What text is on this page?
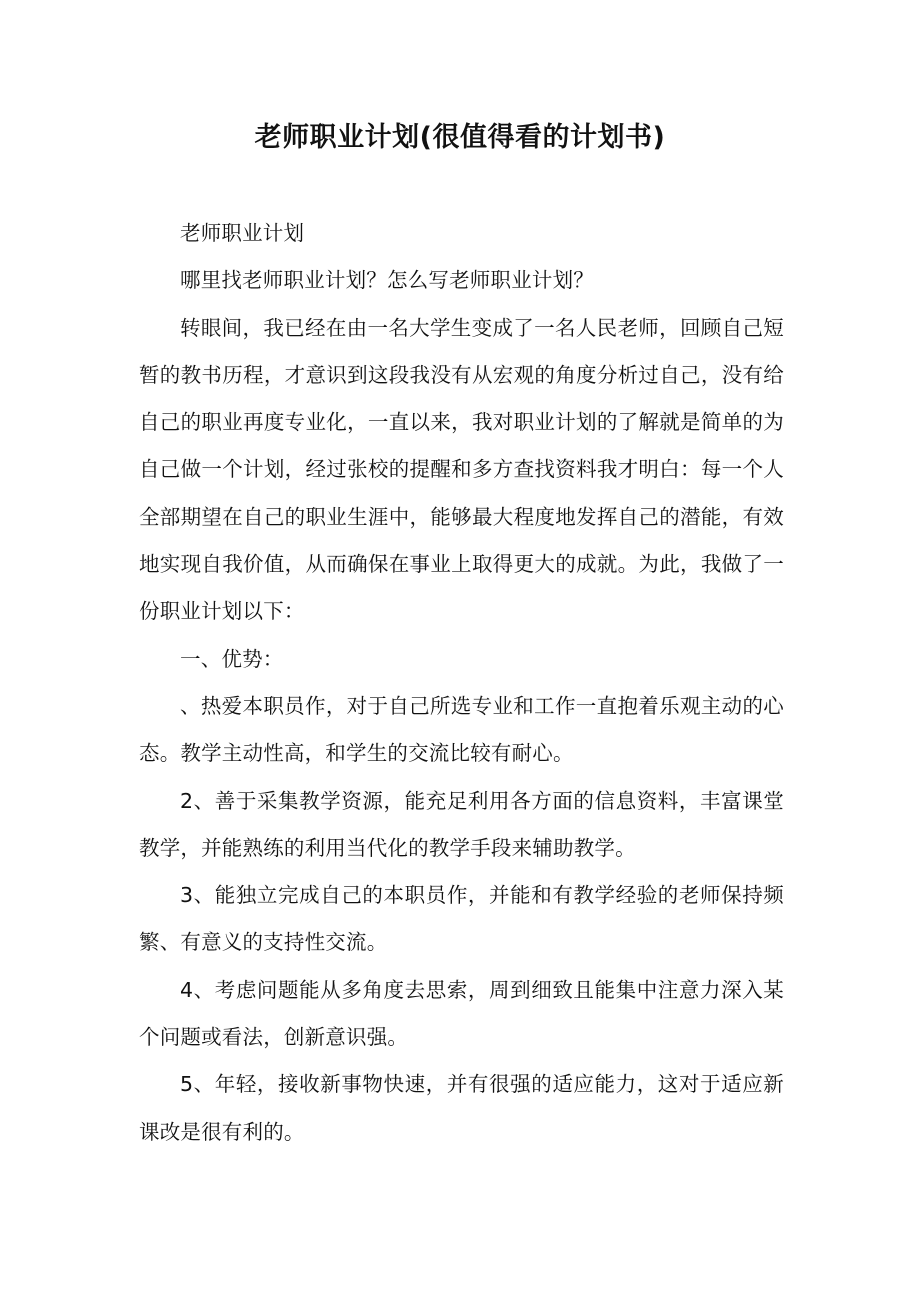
老师职业计划(很值得看的计划书)

老师职业计划

哪里找老师职业计划？怎么写老师职业计划？

转眼间，我已经在由一名大学生变成了一名人民老师，回顾自己短暂的教书历程，才意识到这段我没有从宏观的角度分析过自己，没有给自己的职业再度专业化，一直以来，我对职业计划的了解就是简单的为自己做一个计划，经过张校的提醒和多方查找资料我才明白：每一个人全部期望在自己的职业生涯中，能够最大程度地发挥自己的潜能，有效地实现自我价值，从而确保在事业上取得更大的成就。为此，我做了一份职业计划以下：

一、优势：

、热爱本职员作，对于自己所选专业和工作一直抱着乐观主动的心态。教学主动性高，和学生的交流比较有耐心。

2、善于采集教学资源，能充足利用各方面的信息资料，丰富课堂教学，并能熟练的利用当代化的教学手段来辅助教学。

3、能独立完成自己的本职员作，并能和有教学经验的老师保持频繁、有意义的支持性交流。

4、考虑问题能从多角度去思索，周到细致且能集中注意力深入某个问题或看法，创新意识强。

5、年轻，接收新事物快速，并有很强的适应能力，这对于适应新课改是很有利的。
